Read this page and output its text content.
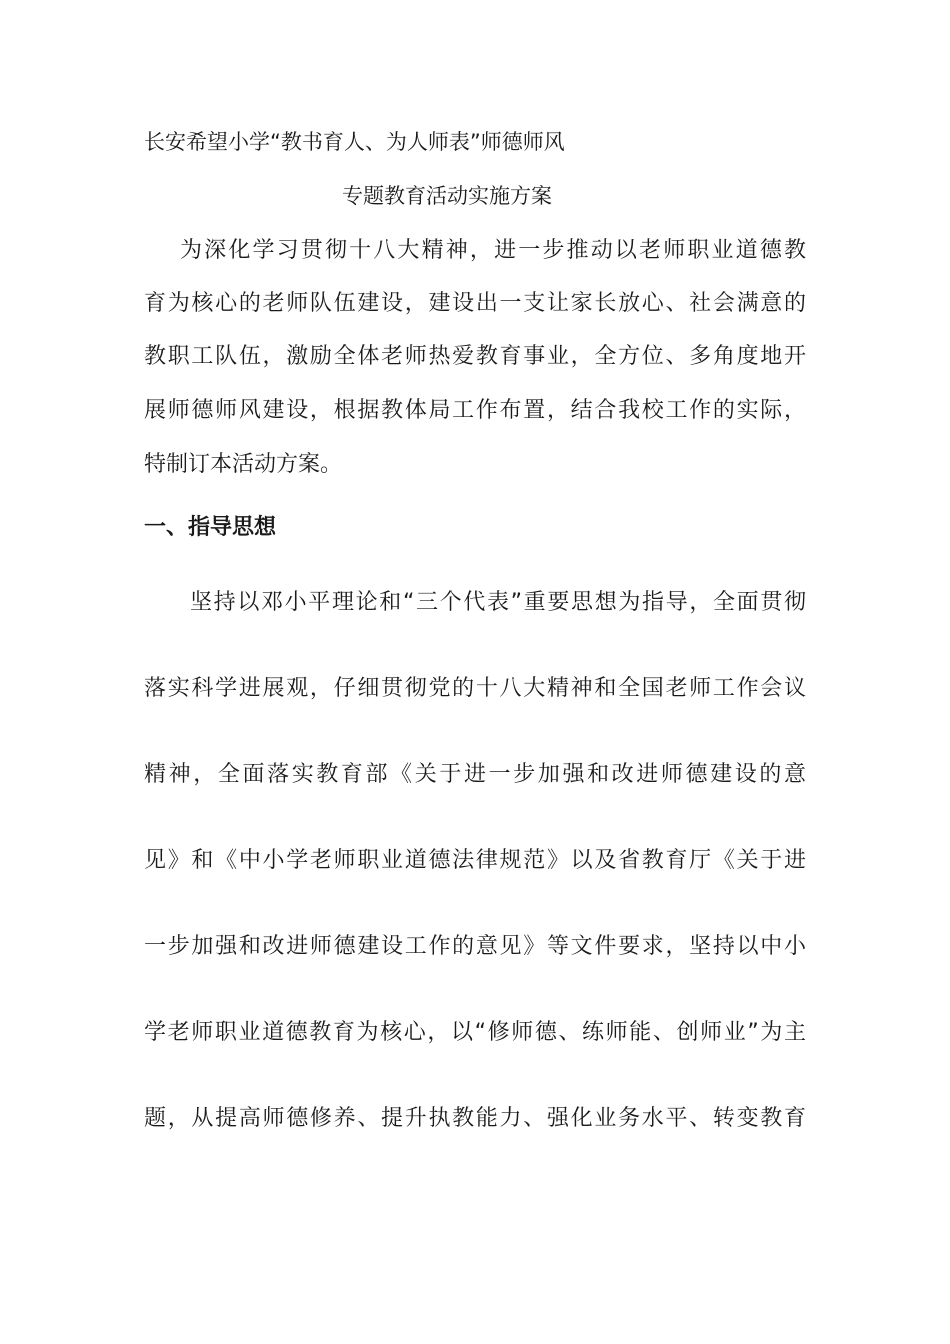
长安希望小学“教书育人、为人师表”师德师风
专题教育活动实施方案
为深化学习贯彻十八大精神，进一步推动以老师职业道德教
育为核心的老师队伍建设，建设出一支让家长放心、社会满意的
教职工队伍，激励全体老师热爱教育事业，全方位、多角度地开
展师德师风建设，根据教体局工作布置，结合我校工作的实际，
特制订本活动方案。
一、指导思想
坚持以邓小平理论和“三个代表”重要思想为指导，全面贯彻
落实科学进展观，仔细贯彻党的十八大精神和全国老师工作会议
精神，全面落实教育部《关于进一步加强和改进师德建设的意
见》和《中小学老师职业道德法律规范》以及省教育厅《关于进
一步加强和改进师德建设工作的意见》等文件要求，坚持以中小
学老师职业道德教育为核心，以“修师德、练师能、创师业”为主
题，从提高师德修养、提升执教能力、强化业务水平、转变教育
